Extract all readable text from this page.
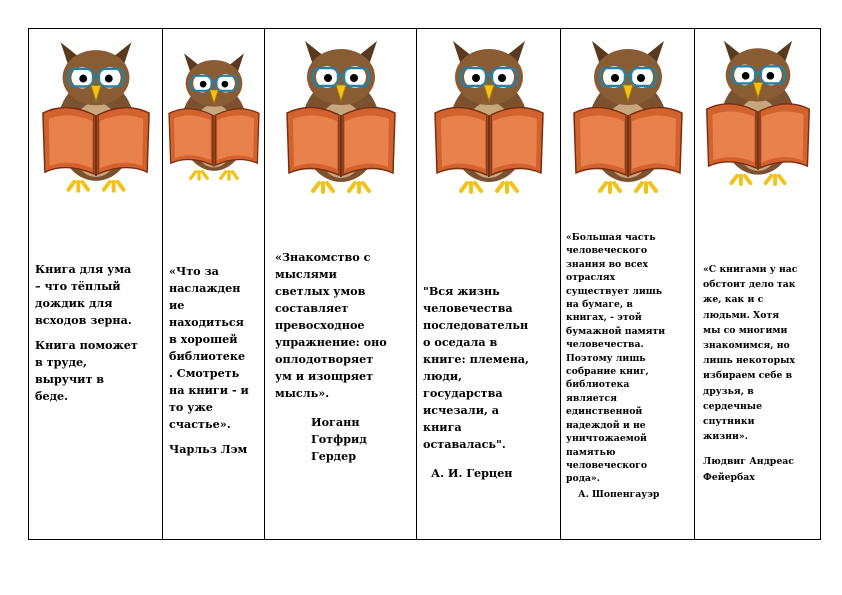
Книга для ума
– что тёплый
дождик для
всходов зерна.

Книга поможет
в труде,
выручит в
беде.

«Что за
наслажден
ие
находиться
в хорошей
библиотеке
. Смотреть
на книги - и
то уже
счастье».

Чарльз Лэм

«Знакомство с
мыслями
светлых умов
составляет
превосходное
упражнение: оно
оплодотворяет
ум и изощряет
мысль».

Иоганн
Готфрид
Гердер

"Вся жизнь
человечества
последовательн
о оседала в
книге: племена,
люди,
государства
исчезали, а
книга
оставалась".

А. И. Герцен

«Большая часть
человеческого
знания во всех
отраслях
существует лишь
на бумаге, в
книгах, - этой
бумажной памяти
человечества.
Поэтому лишь
собрание книг,
библиотека
является
единственной
надеждой и не
уничтожаемой
памятью
человеческого
рода».

А. Шопенгауэр

«С книгами у нас
обстоит дело так
же, как и с
людьми. Хотя
мы со многими
знакомимся, но
лишь некоторых
избираем себе в
друзья, в
сердечные
спутники
жизни».

Людвиг Андреас
Фейербах
